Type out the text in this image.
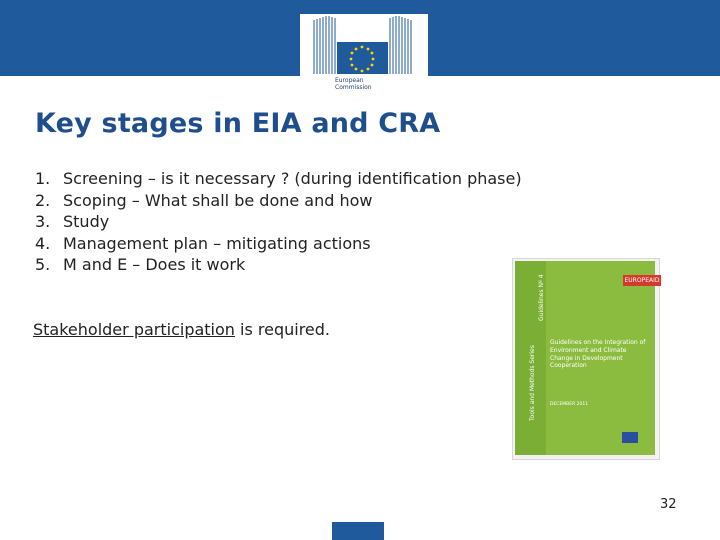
European
Commission
Key stages in EIA and CRA
1. Screening – is it necessary ? (during identification phase)
2. Scoping – What shall be done and how
3. Study
4. Management plan – mitigating actions
5. M and E – Does it work
Stakeholder participation is required.
Tools and Methods Series
Guidelines Nº 4	EUROPEAID
Guidelines on the Integration of Environment and Climate Change in Development Cooperation
DECEMBER 2011
32
